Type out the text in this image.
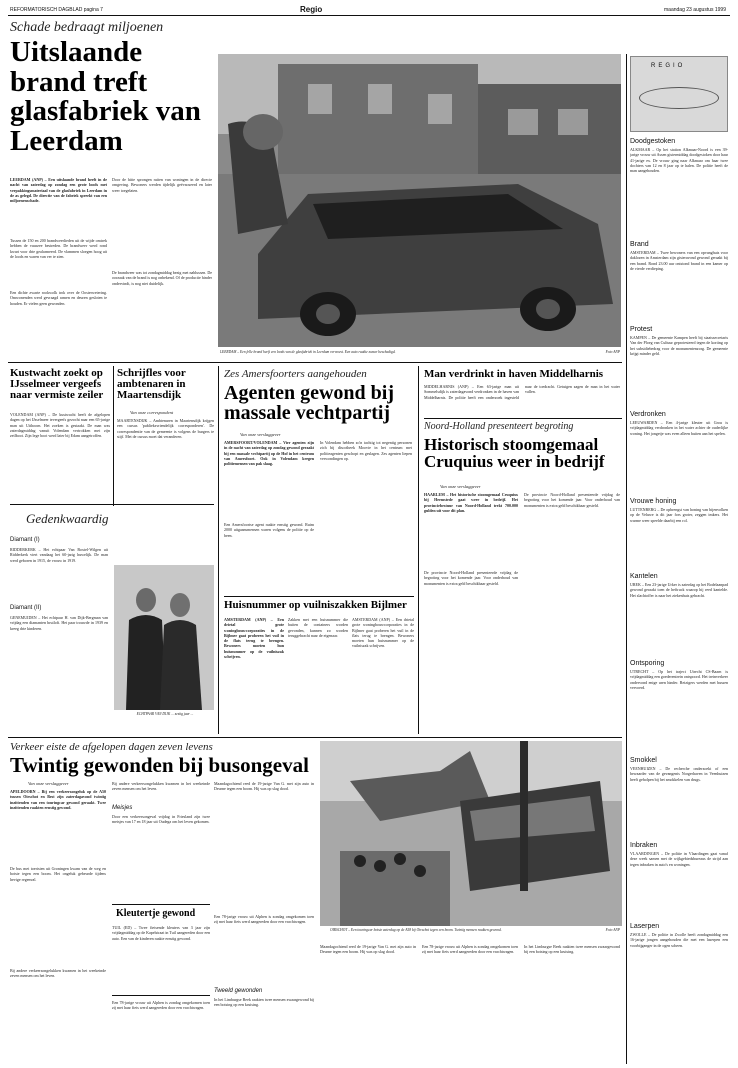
REFORMATORISCH DAGBLAD pagina 7	Regio	maandag 23 augustus 1999
Schade bedraagt miljoenen
Uitslaande brand treft glasfabriek van Leerdam
LEERDAM (ANP) – Een uitslaande brand heeft in de nacht van zaterdag op zondag een grote loods met verpakkingsmateriaal van de glasfabriek in Leerdam in de as gelegd. De directie van de fabriek spreekt van een miljoenenschade.
Tussen de 150 en 200 brandweerlieden uit de wijde omtrek hebben de vuurzee bestreden. De brandweer werd rond kwart voor drie gealarmeerd. De vlammen sloegen hoog uit de loods en waren van ver te zien.
Een dichte zwarte rookwolk trok over de Oosterwetering. Omwonenden werd gevraagd ramen en deuren gesloten te houden. Er vielen geen gewonden.
Door de hitte sprongen ruiten van woningen in de directe omgeving. Bewoners werden tijdelijk geëvacueerd en later weer toegelaten.
De brandweer was tot zondagmiddag bezig met nablussen. De oorzaak van de brand is nog onbekend. Of de productie hinder ondervindt, is nog niet duidelijk.
LEERDAM – Een felle brand heeft een loods van de glasfabriek in Leerdam verwoest. Een auto raakte zwaar beschadigd.	Foto ANP
REGIO
Doodgestoken
ALKMAAR – Op het station Alkmaar-Noord is een 39-jarige vrouw uit Assen gistermiddag doodgestoken door haar 41-jarige ex. De vrouw ging naar Alkmaar om haar twee dochters van 12 en 8 jaar op te halen. De politie heeft de man aangehouden.
Brand
AMSTERDAM – Twee bewoners van een opvanghuis voor daklozen in Amsterdam zijn gisteravond gewond geraakt bij een brand. Rond 23.00 uur ontstond brand in een kamer op de vierde verdieping.
Protest
KAMPEN – De gemeente Kampen heeft bij staatssecretaris Van der Ploeg van Cultuur geprotesteerd tegen de korting op het subsidiebedrag voor de monumentenzorg. De gemeente krijgt minder geld.
Verdronken
LEEUWARDEN – Een 4-jarige kleuter uit Grou is vrijdagmiddag verdronken in het water achter de ouderlijke woning. Het jongetje was even alleen buiten aan het spelen.
Vrouwe honing
LUTTENBERG – De opbrengst van honing van bijenvolken op de Veluwe is dit jaar fors groter, zeggen imkers. Het warme weer speelde daarbij een rol.
Kantelen
UREK – Een 23-jarige Urker is zaterdag op het Bodelaanpad gewond geraakt toen de heftruck waarop hij reed kantelde. Het slachtoffer is naar het ziekenhuis gebracht.
Ontsporing
UTRECHT – Op het traject Utrecht CS-Baarn is vrijdagmiddag een goederentrein ontspoord. Het treinverkeer ondervond enige uren hinder. Reizigers werden met bussen vervoerd.
Smokkel
VEENHUIZEN – De recherche onderzoekt of een bewaarder van de gevangenis Norgerhaven in Veenhuizen heeft geholpen bij het smokkelen van drugs.
Inbraken
VLAARDINGEN – De politie in Vlaardingen gaat vanaf deze week samen met de wijkgebiedsbureaus de strijd aan tegen inbraken in auto's en woningen.
Laserpen
ZWOLLE – De politie in Zwolle heeft zondagmiddag een 16-jarige jongen aangehouden die met een laserpen een voorbijganger in de ogen scheen.
Kustwacht zoekt op IJsselmeer vergeefs naar vermiste zeiler
VOLENDAM (ANP) – De kustwacht heeft de afgelopen dagen op het IJsselmeer tevergeefs gezocht naar een 65-jarige man uit Uithoorn. Het zoeken is gestaakt. De man was zaterdagmiddag vanuit Volendam vertrokken met zijn zeilboot. Zijn lege boot werd later bij Edam aangetroffen.
Schrijfles voor ambtenaren in Maartensdijk
Van onze correspondent
MAARTENSDIJK – Ambtenaren in Maartensdijk krijgen een cursus 'publieksvriendelijk corresponderen'. De correspondentie van de gemeente is volgens de burgers te stijf. Met de cursus moet dat veranderen.
Gedenkwaardig
Diamant (I)
RIDDERKERK – Het echtpaar Van Boxtel-Wilgen uit Ridderkerk viert vandaag het 60-jarig huwelijk. De man werd geboren in 1915, de vrouw in 1919.
Diamant (II)
GENEMUIDEN – Het echtpaar H. van Dijk-Bergman van vrijdag een diamanten bruiloft. Het paar trouwde in 1939 en kreeg drie kinderen.
ECHTPAAR VAN DIJK ... zestig jaar ...
Zes Amersfoorters aangehouden
Agenten gewond bij massale vechtpartij
Van onze verslaggever
AMERSFOORT/VOLENDAM – Vier agenten zijn in de nacht van zaterdag op zondag gewond geraakt bij een massale vechtpartij op de Hof in het centrum van Amersfoort. Ook in Volendam kregen politiemensen van pak slaag.
Een Amersfoortse agent raakte ernstig gewond. Ruim 2000 uitgaansmensen waren volgens de politie op de been.
In Volendam hebben zo'n tachtig tot negentig personen zich bij discotheek Moovie in het centrum met politieagenten geschopt en geslagen. Zes agenten liepen verwondingen op.
Man verdrinkt in haven Middelharnis
MIDDELHARNIS (ANP) – Een 63-jarige man uit Sommelsdijk is zaterdagavond verdronken in de haven van Middelharnis. De politie heeft een onderzoek ingesteld naar de toedracht. Getuigen zagen de man in het water vallen.
Noord-Holland presenteert begroting
Historisch stoomgemaal Cruquius weer in bedrijf
Van onze verslaggever
HAARLEM – Het historische stoomgemaal Cruquius bij Heemstede gaat weer in bedrijf. Het provinciebestuur van Noord-Holland trekt 700.000 gulden uit voor dit plan.
De provincie Noord-Holland presenteerde vrijdag de begroting voor het komende jaar. Voor onderhoud van monumenten is extra geld beschikbaar gesteld.
De provincie Noord-Holland presenteerde vrijdag de begroting voor het komende jaar. Voor onderhoud van monumenten is extra geld beschikbaar gesteld.
Huisnummer op vuilniszakken Bijlmer
AMSTERDAM (ANP) – Een drietal grote woningbouwcorporaties in de Bijlmer gaat proberen het vuil in de flats terug te brengen. Bewoners moeten hun huisnummer op de vuilniszak schrijven.
Zakken met een huisnummer die buiten de containers worden gevonden, kunnen zo worden teruggebracht naar de eigenaar.
AMSTERDAM (ANP) – Een drietal grote woningbouwcorporaties in de Bijlmer gaat proberen het vuil in de flats terug te brengen. Bewoners moeten hun huisnummer op de vuilniszak schrijven.
Verkeer eiste de afgelopen dagen zeven levens
Twintig gewonden bij busongeval
Van onze verslaggever
APELDOORN – Bij een verkeersongeluk op de A50 tussen Oirschot en Best zijn zaterdagavond twintig inzittenden van een touringcar gewond geraakt. Twee inzittenden raakten ernstig gewond.
De bus met toeristen uit Groningen kwam van de weg en botste tegen een boom. Het ongeluk gebeurde tijdens hevige regenval.
Bij andere verkeersongelukken kwamen in het weekeinde zeven mensen om het leven.
Bij andere verkeersongelukken kwamen in het weekeinde zeven mensen om het leven.
Meisjes
Door een verkeersongeval vrijdag in Friesland zijn twee meisjes van 17 en 18 jaar uit Oudega om het leven gekomen.
Maandagochtend reed de 19-jarige Van G. met zijn auto in Deurne tegen een boom. Hij was op slag dood.
Kleutertje gewond
TUIL (ED) – Twee fietsende kleuters van 3 jaar zijn vrijdagmiddag op de Kapelstraat in Tuil aangereden door een auto. Een van de kinderen raakte ernstig gewond.
Een 78-jarige vrouw uit Alphen is zondag omgekomen toen zij met haar fiets werd aangereden door een vrachtwagen.
Een 78-jarige vrouw uit Alphen is zondag omgekomen toen zij met haar fiets werd aangereden door een vrachtwagen.
Tweeld gewonden
In het Limburgse Beek raakten twee mensen zwaargewond bij een botsing op een kruising.
OIRSCHOT – Een touringcar botste zaterdag op de A58 bij Oirschot tegen een boom. Twintig mensen raakten gewond.	Foto ANP
Maandagochtend reed de 19-jarige Van G. met zijn auto in Deurne tegen een boom. Hij was op slag dood.
Een 78-jarige vrouw uit Alphen is zondag omgekomen toen zij met haar fiets werd aangereden door een vrachtwagen.
In het Limburgse Beek raakten twee mensen zwaargewond bij een botsing op een kruising.
